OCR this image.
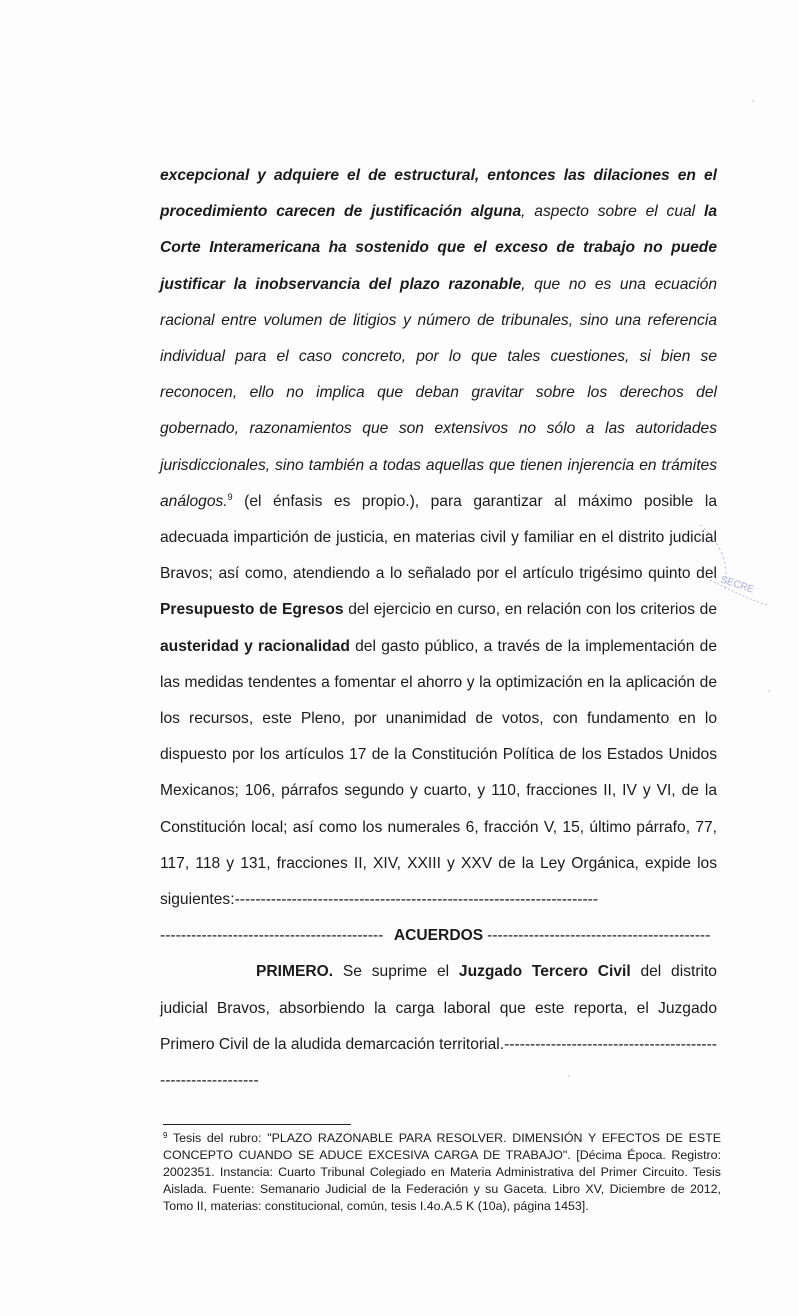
excepcional y adquiere el de estructural, entonces las dilaciones en el procedimiento carecen de justificación alguna, aspecto sobre el cual la Corte Interamericana ha sostenido que el exceso de trabajo no puede justificar la inobservancia del plazo razonable, que no es una ecuación racional entre volumen de litigios y número de tribunales, sino una referencia individual para el caso concreto, por lo que tales cuestiones, si bien se reconocen, ello no implica que deban gravitar sobre los derechos del gobernado, razonamientos que son extensivos no sólo a las autoridades jurisdiccionales, sino también a todas aquellas que tienen injerencia en trámites análogos.$^9$ (el énfasis es propio.), para garantizar al máximo posible la adecuada impartición de justicia, en materias civil y familiar en el distrito judicial Bravos; así como, atendiendo a lo señalado por el artículo trigésimo quinto del Presupuesto de Egresos del ejercicio en curso, en relación con los criterios de austeridad y racionalidad del gasto público, a través de la implementación de las medidas tendentes a fomentar el ahorro y la optimización en la aplicación de los recursos, este Pleno, por unanimidad de votos, con fundamento en lo dispuesto por los artículos 17 de la Constitución Política de los Estados Unidos Mexicanos; 106, párrafos segundo y cuarto, y 110, fracciones II, IV y VI, de la Constitución local; así como los numerales 6, fracción V, 15, último párrafo, 77, 117, 118 y 131, fracciones II, XIV, XXIII y XXV de la Ley Orgánica, expide los siguientes:----------------------------------------------------------------------

------------------------------------------- ACUERDOS -------------------------------------------

PRIMERO. Se suprime el Juzgado Tercero Civil del distrito judicial Bravos, absorbiendo la carga laboral que este reporta, el Juzgado Primero Civil de la aludida demarcación territorial.------------------------------------------------------------

$^9$ Tesis del rubro: "PLAZO RAZONABLE PARA RESOLVER. DIMENSIÓN Y EFECTOS DE ESTE CONCEPTO CUANDO SE ADUCE EXCESIVA CARGA DE TRABAJO". [Décima Época. Registro: 2002351. Instancia: Cuarto Tribunal Colegiado en Materia Administrativa del Primer Circuito. Tesis Aislada. Fuente: Semanario Judicial de la Federación y su Gaceta. Libro XV, Diciembre de 2012, Tomo II, materias: constitucional, común, tesis I.4o.A.5 K (10a), página 1453].

SECRE
